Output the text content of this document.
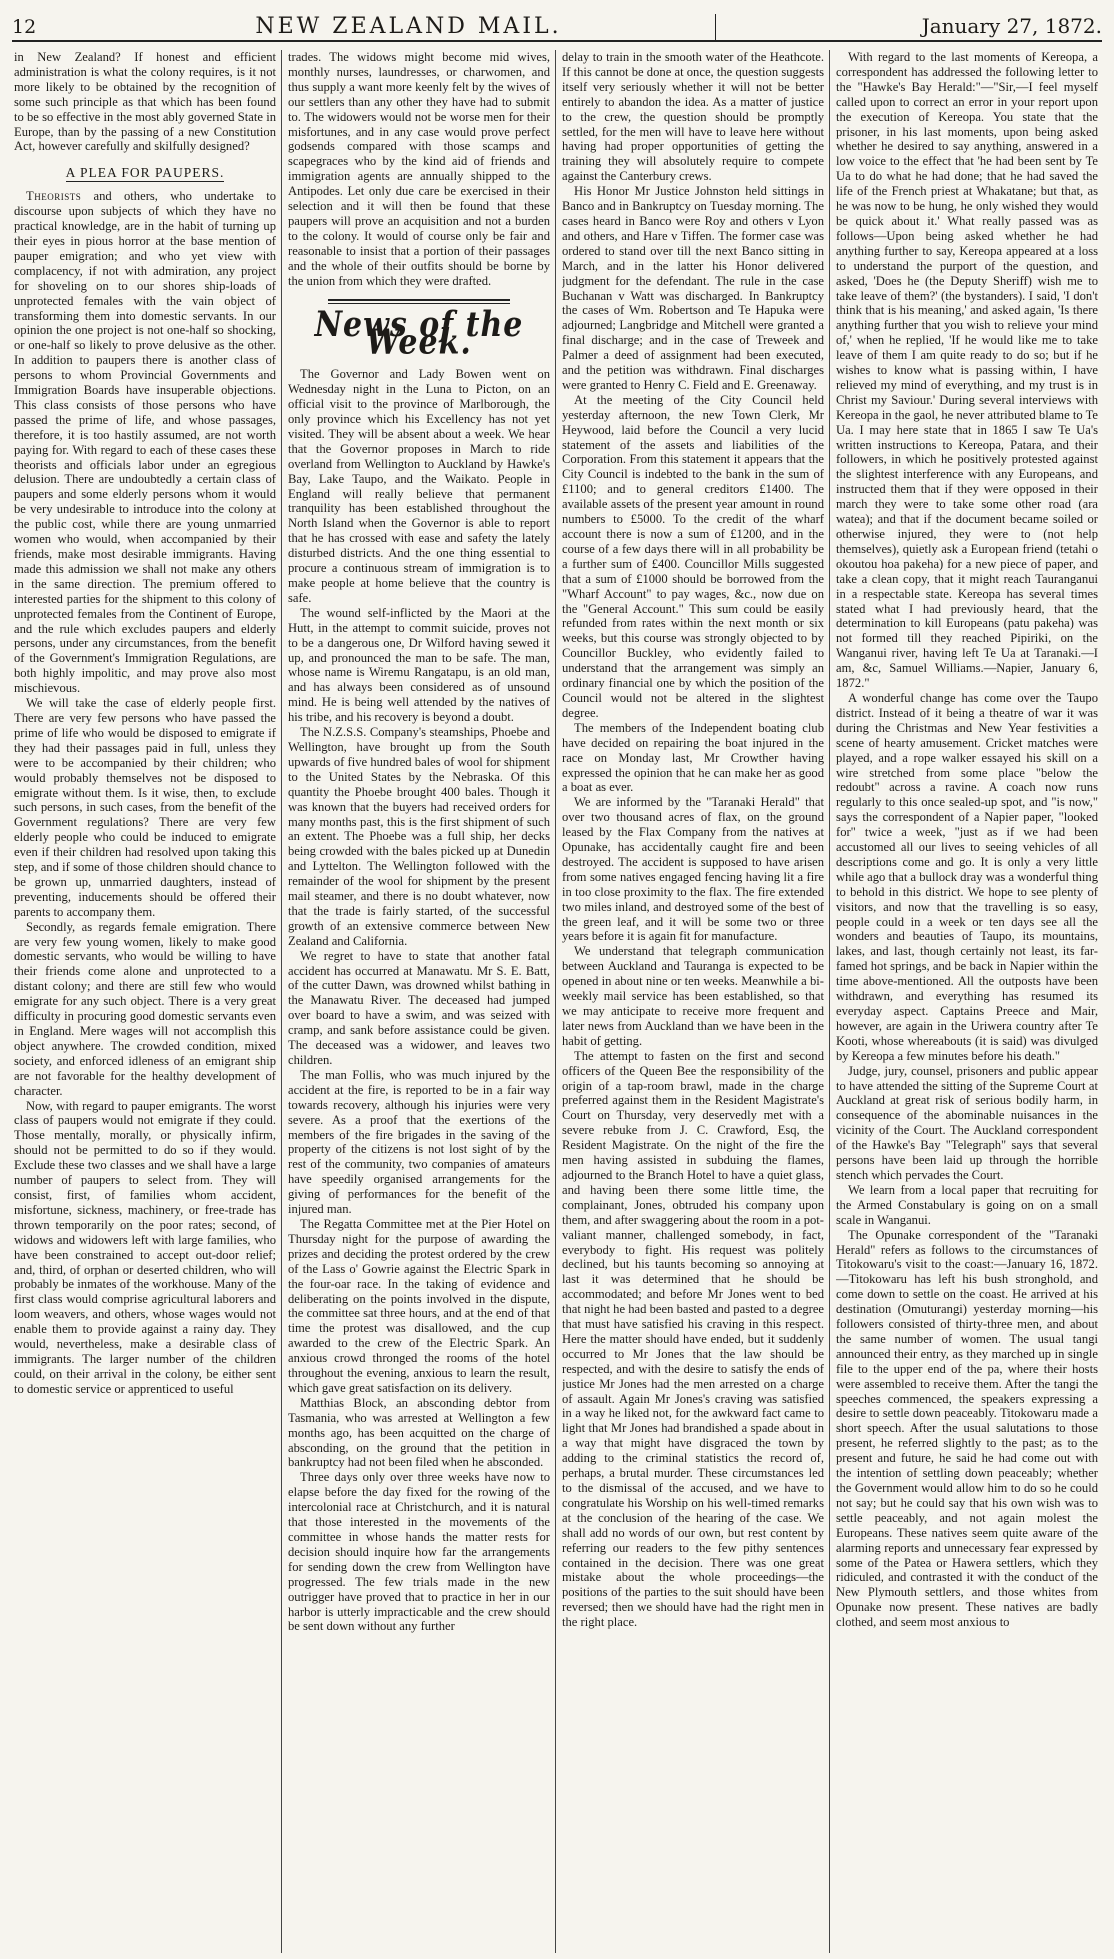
12	NEW ZEALAND MAIL.	January 27, 1872.

in New Zealand? If honest and efficient administration is what the colony requires, is it not more likely to be obtained by the recognition of some such principle as that which has been found to be so effective in the most ably governed State in Europe, than by the passing of a new Constitution Act, however carefully and skilfully designed?

A PLEA FOR PAUPERS.

Theorists and others, who undertake to discourse upon subjects of which they have no practical knowledge, are in the habit of turning up their eyes in pious horror at the base mention of pauper emigration; and who yet view with complacency, if not with admiration, any project for shoveling on to our shores ship-loads of unprotected females with the vain object of transforming them into domestic servants. In our opinion the one project is not one-half so shocking, or one-half so likely to prove delusive as the other. In addition to paupers there is another class of persons to whom Provincial Governments and Immigration Boards have insuperable objections. This class consists of those persons who have passed the prime of life, and whose passages, therefore, it is too hastily assumed, are not worth paying for. With regard to each of these cases these theorists and officials labor under an egregious delusion. There are undoubtedly a certain class of paupers and some elderly persons whom it would be very undesirable to introduce into the colony at the public cost, while there are young unmarried women who would, when accompanied by their friends, make most desirable immigrants. Having made this admission we shall not make any others in the same direction. The premium offered to interested parties for the shipment to this colony of unprotected females from the Continent of Europe, and the rule which excludes paupers and elderly persons, under any circumstances, from the benefit of the Government's Immigration Regulations, are both highly impolitic, and may prove also most mischievous.

We will take the case of elderly people first. There are very few persons who have passed the prime of life who would be disposed to emigrate if they had their passages paid in full, unless they were to be accompanied by their children; who would probably themselves not be disposed to emigrate without them. Is it wise, then, to exclude such persons, in such cases, from the benefit of the Government regulations? There are very few elderly people who could be induced to emigrate even if their children had resolved upon taking this step, and if some of those children should chance to be grown up, unmarried daughters, instead of preventing, inducements should be offered their parents to accompany them.

Secondly, as regards female emigration. There are very few young women, likely to make good domestic servants, who would be willing to have their friends come alone and unprotected to a distant colony; and there are still few who would emigrate for any such object. There is a very great difficulty in procuring good domestic servants even in England. Mere wages will not accomplish this object anywhere. The crowded condition, mixed society, and enforced idleness of an emigrant ship are not favorable for the healthy development of character.

Now, with regard to pauper emigrants. The worst class of paupers would not emigrate if they could. Those mentally, morally, or physically infirm, should not be permitted to do so if they would. Exclude these two classes and we shall have a large number of paupers to select from. They will consist, first, of families whom accident, misfortune, sickness, machinery, or free-trade has thrown temporarily on the poor rates; second, of widows and widowers left with large families, who have been constrained to accept out-door relief; and, third, of orphan or deserted children, who will probably be inmates of the workhouse. Many of the first class would comprise agricultural laborers and loom weavers, and others, whose wages would not enable them to provide against a rainy day. They would, nevertheless, make a desirable class of immigrants. The larger number of the children could, on their arrival in the colony, be either sent to domestic service or apprenticed to useful

trades. The widows might become mid wives, monthly nurses, laundresses, or charwomen, and thus supply a want more keenly felt by the wives of our settlers than any other they have had to submit to. The widowers would not be worse men for their misfortunes, and in any case would prove perfect godsends compared with those scamps and scapegraces who by the kind aid of friends and immigration agents are annually shipped to the Antipodes. Let only due care be exercised in their selection and it will then be found that these paupers will prove an acquisition and not a burden to the colony. It would of course only be fair and reasonable to insist that a portion of their passages and the whole of their outfits should be borne by the union from which they were drafted.

News of the Week.

The Governor and Lady Bowen went on Wednesday night in the Luna to Picton, on an official visit to the province of Marlborough, the only province which his Excellency has not yet visited. They will be absent about a week. We hear that the Governor proposes in March to ride overland from Wellington to Auckland by Hawke's Bay, Lake Taupo, and the Waikato. People in England will really believe that permanent tranquility has been established throughout the North Island when the Governor is able to report that he has crossed with ease and safety the lately disturbed districts. And the one thing essential to procure a continuous stream of immigration is to make people at home believe that the country is safe.

The wound self-inflicted by the Maori at the Hutt, in the attempt to commit suicide, proves not to be a dangerous one, Dr Wilford having sewed it up, and pronounced the man to be safe. The man, whose name is Wiremu Rangatapu, is an old man, and has always been considered as of unsound mind. He is being well attended by the natives of his tribe, and his recovery is beyond a doubt.

The N.Z.S.S. Company's steamships, Phoebe and Wellington, have brought up from the South upwards of five hundred bales of wool for shipment to the United States by the Nebraska. Of this quantity the Phoebe brought 400 bales. Though it was known that the buyers had received orders for many months past, this is the first shipment of such an extent. The Phoebe was a full ship, her decks being crowded with the bales picked up at Dunedin and Lyttelton. The Wellington followed with the remainder of the wool for shipment by the present mail steamer, and there is no doubt whatever, now that the trade is fairly started, of the successful growth of an extensive commerce between New Zealand and California.

We regret to have to state that another fatal accident has occurred at Manawatu. Mr S. E. Batt, of the cutter Dawn, was drowned whilst bathing in the Manawatu River. The deceased had jumped over board to have a swim, and was seized with cramp, and sank before assistance could be given. The deceased was a widower, and leaves two children.

The man Follis, who was much injured by the accident at the fire, is reported to be in a fair way towards recovery, although his injuries were very severe. As a proof that the exertions of the members of the fire brigades in the saving of the property of the citizens is not lost sight of by the rest of the community, two companies of amateurs have speedily organised arrangements for the giving of performances for the benefit of the injured man.

The Regatta Committee met at the Pier Hotel on Thursday night for the purpose of awarding the prizes and deciding the protest ordered by the crew of the Lass o' Gowrie against the Electric Spark in the four-oar race. In the taking of evidence and deliberating on the points involved in the dispute, the committee sat three hours, and at the end of that time the protest was disallowed, and the cup awarded to the crew of the Electric Spark. An anxious crowd thronged the rooms of the hotel throughout the evening, anxious to learn the result, which gave great satisfaction on its delivery.

Matthias Block, an absconding debtor from Tasmania, who was arrested at Wellington a few months ago, has been acquitted on the charge of absconding, on the ground that the petition in bankruptcy had not been filed when he absconded.

Three days only over three weeks have now to elapse before the day fixed for the rowing of the intercolonial race at Christchurch, and it is natural that those interested in the movements of the committee in whose hands the matter rests for decision should inquire how far the arrangements for sending down the crew from Wellington have progressed. The few trials made in the new outrigger have proved that to practice in her in our harbor is utterly impracticable and the crew should be sent down without any further

delay to train in the smooth water of the Heathcote. If this cannot be done at once, the question suggests itself very seriously whether it will not be better entirely to abandon the idea. As a matter of justice to the crew, the question should be promptly settled, for the men will have to leave here without having had proper opportunities of getting the training they will absolutely require to compete against the Canterbury crews.

His Honor Mr Justice Johnston held sittings in Banco and in Bankruptcy on Tuesday morning. The cases heard in Banco were Roy and others v Lyon and others, and Hare v Tiffen. The former case was ordered to stand over till the next Banco sitting in March, and in the latter his Honor delivered judgment for the defendant. The rule in the case Buchanan v Watt was discharged. In Bankruptcy the cases of Wm. Robertson and Te Hapuka were adjourned; Langbridge and Mitchell were granted a final discharge; and in the case of Treweek and Palmer a deed of assignment had been executed, and the petition was withdrawn. Final discharges were granted to Henry C. Field and E. Greenaway.

At the meeting of the City Council held yesterday afternoon, the new Town Clerk, Mr Heywood, laid before the Council a very lucid statement of the assets and liabilities of the Corporation. From this statement it appears that the City Council is indebted to the bank in the sum of £1100; and to general creditors £1400. The available assets of the present year amount in round numbers to £5000. To the credit of the wharf account there is now a sum of £1200, and in the course of a few days there will in all probability be a further sum of £400. Councillor Mills suggested that a sum of £1000 should be borrowed from the "Wharf Account" to pay wages, &c., now due on the "General Account." This sum could be easily refunded from rates within the next month or six weeks, but this course was strongly objected to by Councillor Buckley, who evidently failed to understand that the arrangement was simply an ordinary financial one by which the position of the Council would not be altered in the slightest degree.

The members of the Independent boating club have decided on repairing the boat injured in the race on Monday last, Mr Crowther having expressed the opinion that he can make her as good a boat as ever.

We are informed by the "Taranaki Herald" that over two thousand acres of flax, on the ground leased by the Flax Company from the natives at Opunake, has accidentally caught fire and been destroyed. The accident is supposed to have arisen from some natives engaged fencing having lit a fire in too close proximity to the flax. The fire extended two miles inland, and destroyed some of the best of the green leaf, and it will be some two or three years before it is again fit for manufacture.

We understand that telegraph communication between Auckland and Tauranga is expected to be opened in about nine or ten weeks. Meanwhile a bi-weekly mail service has been established, so that we may anticipate to receive more frequent and later news from Auckland than we have been in the habit of getting.

The attempt to fasten on the first and second officers of the Queen Bee the responsibility of the origin of a tap-room brawl, made in the charge preferred against them in the Resident Magistrate's Court on Thursday, very deservedly met with a severe rebuke from J. C. Crawford, Esq, the Resident Magistrate. On the night of the fire the men having assisted in subduing the flames, adjourned to the Branch Hotel to have a quiet glass, and having been there some little time, the complainant, Jones, obtruded his company upon them, and after swaggering about the room in a pot-valiant manner, challenged somebody, in fact, everybody to fight. His request was politely declined, but his taunts becoming so annoying at last it was determined that he should be accommodated; and before Mr Jones went to bed that night he had been basted and pasted to a degree that must have satisfied his craving in this respect. Here the matter should have ended, but it suddenly occurred to Mr Jones that the law should be respected, and with the desire to satisfy the ends of justice Mr Jones had the men arrested on a charge of assault. Again Mr Jones's craving was satisfied in a way he liked not, for the awkward fact came to light that Mr Jones had brandished a spade about in a way that might have disgraced the town by adding to the criminal statistics the record of, perhaps, a brutal murder. These circumstances led to the dismissal of the accused, and we have to congratulate his Worship on his well-timed remarks at the conclusion of the hearing of the case. We shall add no words of our own, but rest content by referring our readers to the few pithy sentences contained in the decision. There was one great mistake about the whole proceedings—the positions of the parties to the suit should have been reversed; then we should have had the right men in the right place.

With regard to the last moments of Kereopa, a correspondent has addressed the following letter to the "Hawke's Bay Herald:"—"Sir,—I feel myself called upon to correct an error in your report upon the execution of Kereopa. You state that the prisoner, in his last moments, upon being asked whether he desired to say anything, answered in a low voice to the effect that 'he had been sent by Te Ua to do what he had done; that he had saved the life of the French priest at Whakatane; but that, as he was now to be hung, he only wished they would be quick about it.' What really passed was as follows—Upon being asked whether he had anything further to say, Kereopa appeared at a loss to understand the purport of the question, and asked, 'Does he (the Deputy Sheriff) wish me to take leave of them?' (the bystanders). I said, 'I don't think that is his meaning,' and asked again, 'Is there anything further that you wish to relieve your mind of,' when he replied, 'If he would like me to take leave of them I am quite ready to do so; but if he wishes to know what is passing within, I have relieved my mind of everything, and my trust is in Christ my Saviour.' During several interviews with Kereopa in the gaol, he never attributed blame to Te Ua. I may here state that in 1865 I saw Te Ua's written instructions to Kereopa, Patara, and their followers, in which he positively protested against the slightest interference with any Europeans, and instructed them that if they were opposed in their march they were to take some other road (ara watea); and that if the document became soiled or otherwise injured, they were to (not help themselves), quietly ask a European friend (tetahi o okoutou hoa pakeha) for a new piece of paper, and take a clean copy, that it might reach Tauranganui in a respectable state. Kereopa has several times stated what I had previously heard, that the determination to kill Europeans (patu pakeha) was not formed till they reached Pipiriki, on the Wanganui river, having left Te Ua at Taranaki.—I am, &c, Samuel Williams.—Napier, January 6, 1872."

A wonderful change has come over the Taupo district. Instead of it being a theatre of war it was during the Christmas and New Year festivities a scene of hearty amusement. Cricket matches were played, and a rope walker essayed his skill on a wire stretched from some place "below the redoubt" across a ravine. A coach now runs regularly to this once sealed-up spot, and "is now," says the correspondent of a Napier paper, "looked for" twice a week, "just as if we had been accustomed all our lives to seeing vehicles of all descriptions come and go. It is only a very little while ago that a bullock dray was a wonderful thing to behold in this district. We hope to see plenty of visitors, and now that the travelling is so easy, people could in a week or ten days see all the wonders and beauties of Taupo, its mountains, lakes, and last, though certainly not least, its far-famed hot springs, and be back in Napier within the time above-mentioned. All the outposts have been withdrawn, and everything has resumed its everyday aspect. Captains Preece and Mair, however, are again in the Uriwera country after Te Kooti, whose whereabouts (it is said) was divulged by Kereopa a few minutes before his death."

Judge, jury, counsel, prisoners and public appear to have attended the sitting of the Supreme Court at Auckland at great risk of serious bodily harm, in consequence of the abominable nuisances in the vicinity of the Court. The Auckland correspondent of the Hawke's Bay "Telegraph" says that several persons have been laid up through the horrible stench which pervades the Court.

We learn from a local paper that recruiting for the Armed Constabulary is going on on a small scale in Wanganui.

The Opunake correspondent of the "Taranaki Herald" refers as follows to the circumstances of Titokowaru's visit to the coast:—January 16, 1872.—Titokowaru has left his bush stronghold, and come down to settle on the coast. He arrived at his destination (Omuturangi) yesterday morning—his followers consisted of thirty-three men, and about the same number of women. The usual tangi announced their entry, as they marched up in single file to the upper end of the pa, where their hosts were assembled to receive them. After the tangi the speeches commenced, the speakers expressing a desire to settle down peaceably. Titokowaru made a short speech. After the usual salutations to those present, he referred slightly to the past; as to the present and future, he said he had come out with the intention of settling down peaceably; whether the Government would allow him to do so he could not say; but he could say that his own wish was to settle peaceably, and not again molest the Europeans. These natives seem quite aware of the alarming reports and unnecessary fear expressed by some of the Patea or Hawera settlers, which they ridiculed, and contrasted it with the conduct of the New Plymouth settlers, and those whites from Opunake now present. These natives are badly clothed, and seem most anxious to
